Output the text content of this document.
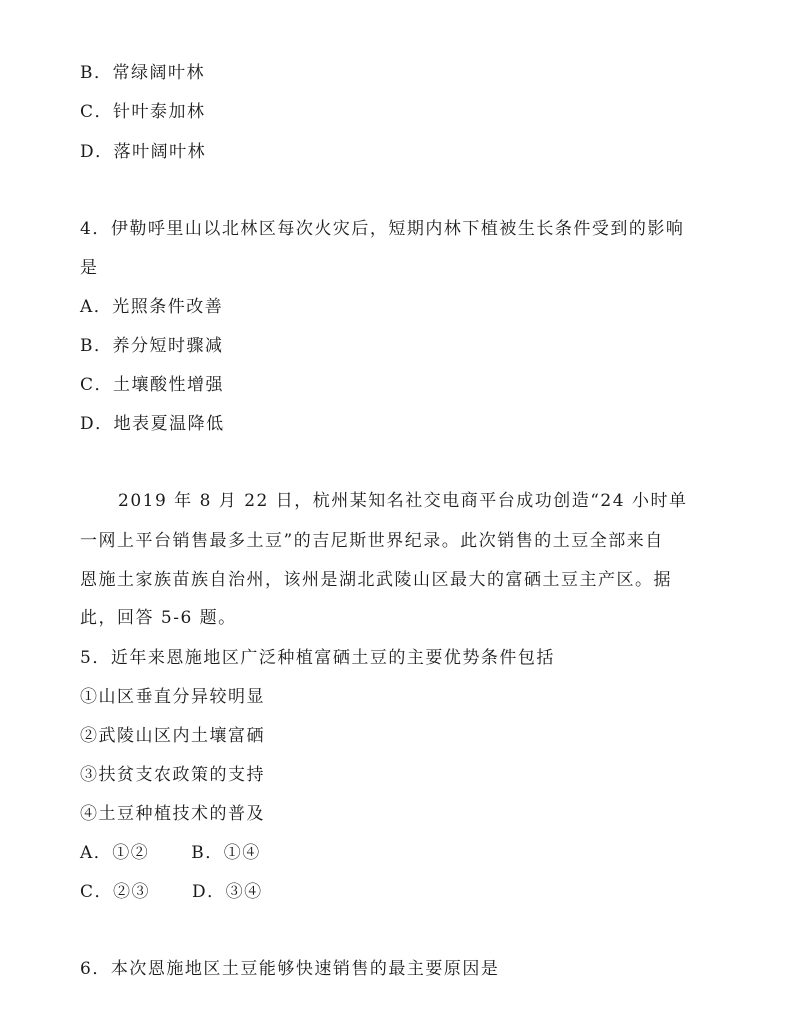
B．常绿阔叶林
C．针叶泰加林
D．落叶阔叶林
4．伊勒呼里山以北林区每次火灾后，短期内林下植被生长条件受到的影响
是
A．光照条件改善
B．养分短时骤减
C．土壤酸性增强
D．地表夏温降低
2019 年 8 月 22 日，杭州某知名社交电商平台成功创造“24 小时单
一网上平台销售最多土豆”的吉尼斯世界纪录。此次销售的土豆全部来自
恩施土家族苗族自治州，该州是湖北武陵山区最大的富硒土豆主产区。据
此，回答 5-6 题。
5．近年来恩施地区广泛种植富硒土豆的主要优势条件包括
①山区垂直分异较明显
②武陵山区内土壤富硒
③扶贫支农政策的支持
④土豆种植技术的普及
A．①② B．①④
C．②③ D．③④
6．本次恩施地区土豆能够快速销售的最主要原因是
